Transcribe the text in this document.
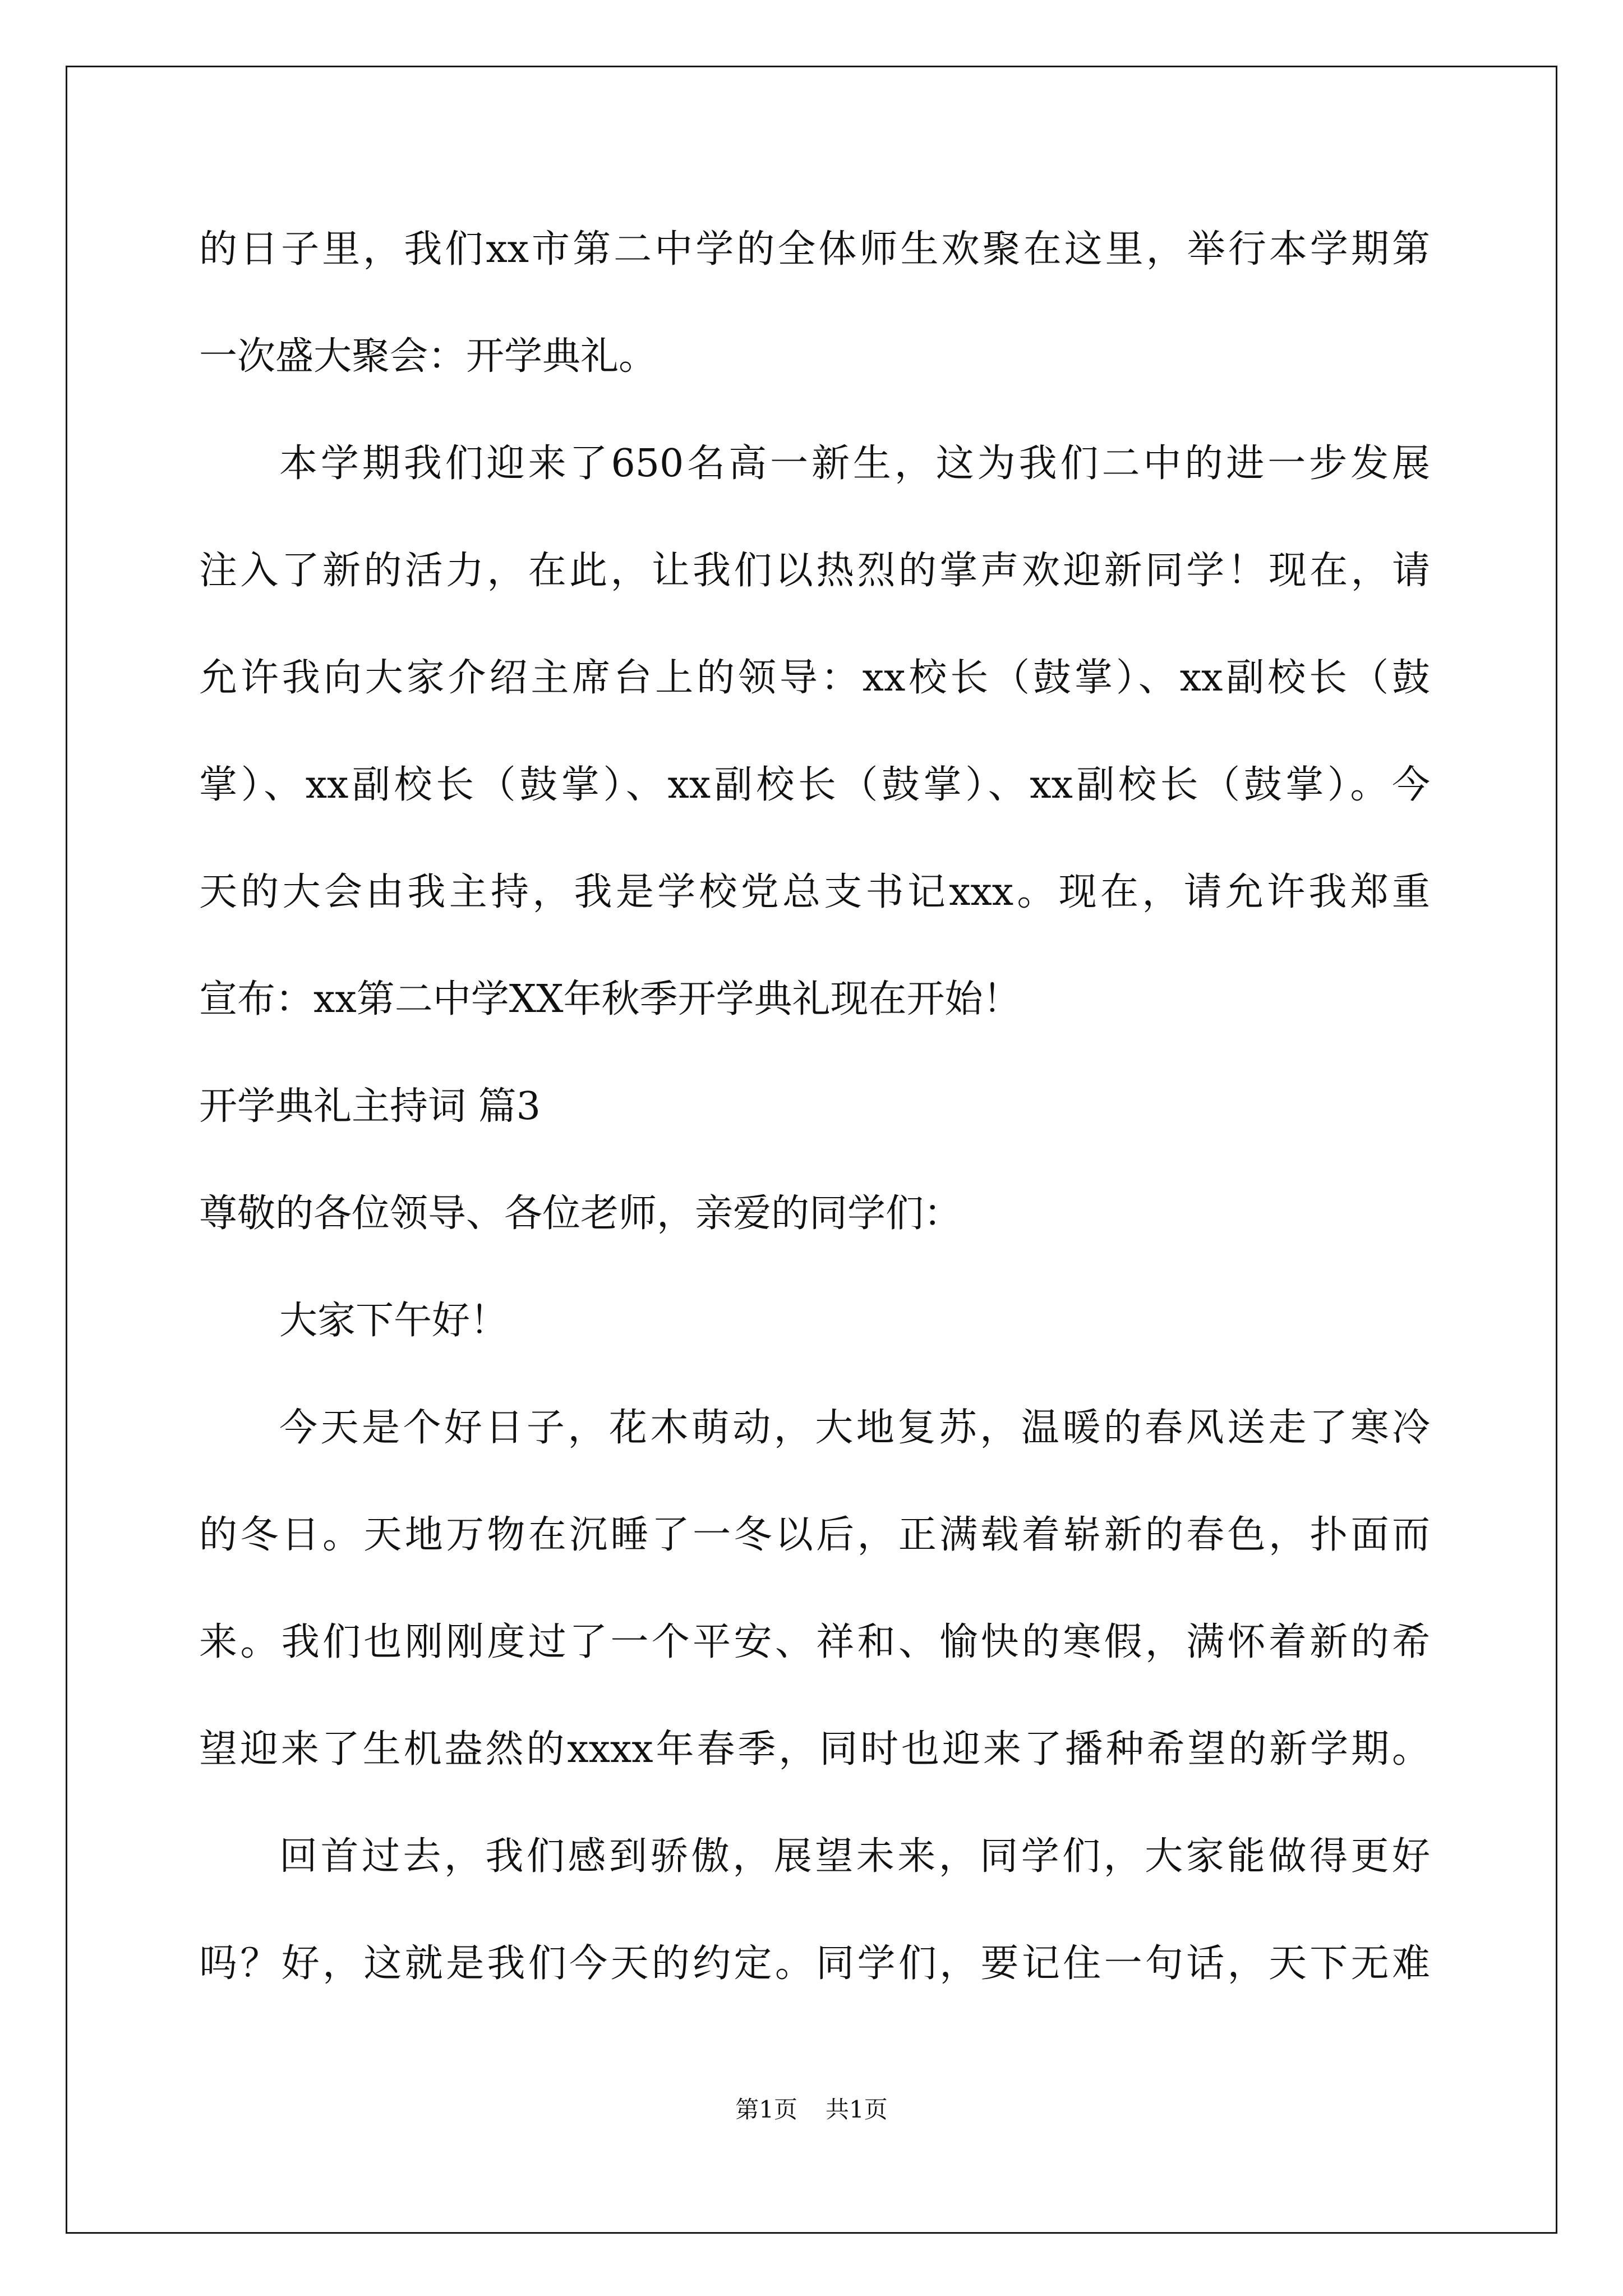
的日子里，我们xx市第二中学的全体师生欢聚在这里，举行本学期第
一次盛大聚会：开学典礼。
本学期我们迎来了650名高一新生，这为我们二中的进一步发展
注入了新的活力，在此，让我们以热烈的掌声欢迎新同学！现在，请
允许我向大家介绍主席台上的领导：xx校长（鼓掌）、xx副校长（鼓
掌）、xx副校长（鼓掌）、xx副校长（鼓掌）、xx副校长（鼓掌）。今
天的大会由我主持，我是学校党总支书记xxx。现在，请允许我郑重
宣布：xx第二中学XX年秋季开学典礼现在开始！
开学典礼主持词 篇3
尊敬的各位领导、各位老师，亲爱的同学们：
大家下午好！
今天是个好日子，花木萌动，大地复苏，温暖的春风送走了寒冷
的冬日。天地万物在沉睡了一冬以后，正满载着崭新的春色，扑面而
来。我们也刚刚度过了一个平安、祥和、愉快的寒假，满怀着新的希
望迎来了生机盎然的xxxx年春季，同时也迎来了播种希望的新学期。
回首过去，我们感到骄傲，展望未来，同学们，大家能做得更好
吗？好，这就是我们今天的约定。同学们，要记住一句话，天下无难
第1页 共1页
